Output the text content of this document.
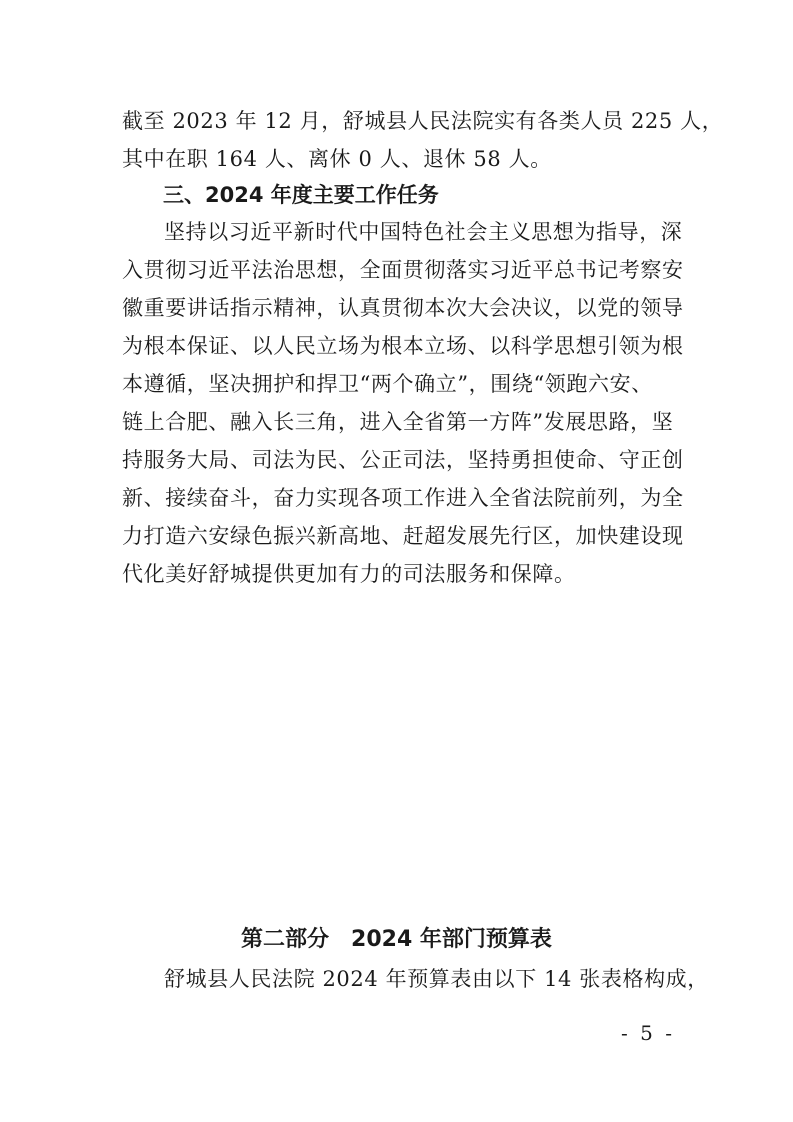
截至 2023 年 12 月，舒城县人民法院实有各类人员 225 人，
其中在职 164 人、离休 0 人、退休 58 人。
三、2024 年度主要工作任务
坚持以习近平新时代中国特色社会主义思想为指导，深
入贯彻习近平法治思想，全面贯彻落实习近平总书记考察安
徽重要讲话指示精神，认真贯彻本次大会决议，以党的领导
为根本保证、以人民立场为根本立场、以科学思想引领为根
本遵循，坚决拥护和捍卫“两个确立”，围绕“领跑六安、
链上合肥、融入长三角，进入全省第一方阵”发展思路，坚
持服务大局、司法为民、公正司法，坚持勇担使命、守正创
新、接续奋斗，奋力实现各项工作进入全省法院前列，为全
力打造六安绿色振兴新高地、赶超发展先行区，加快建设现
代化美好舒城提供更加有力的司法服务和保障。
第二部分　2024 年部门预算表
舒城县人民法院 2024 年预算表由以下 14 张表格构成，
- 5 -
